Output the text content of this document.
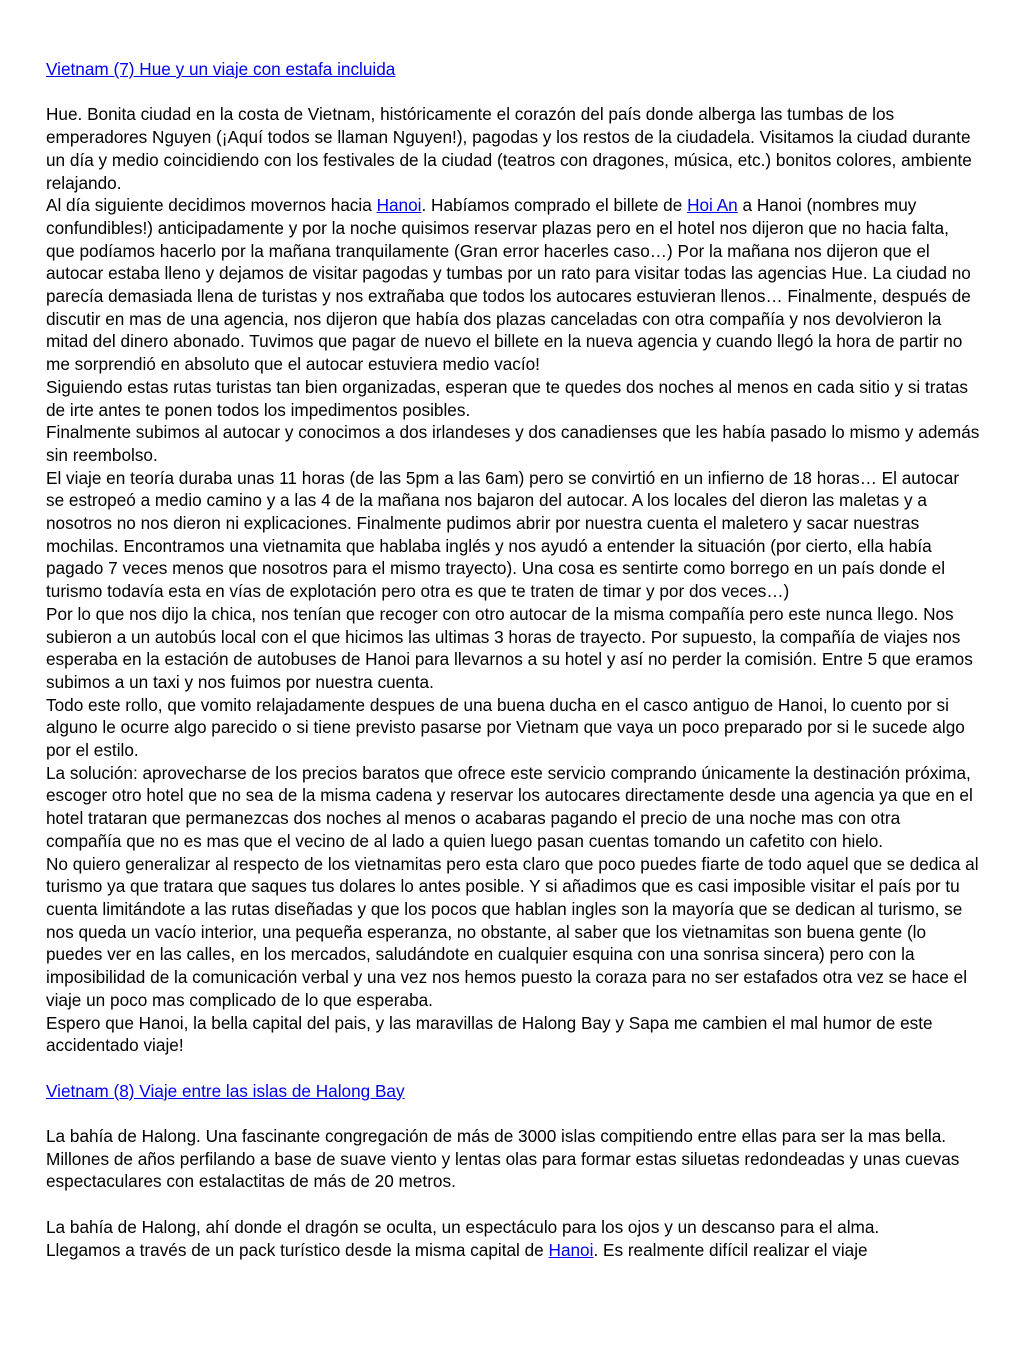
Vietnam (7) Hue y un viaje con estafa incluida

Hue. Bonita ciudad en la costa de Vietnam, históricamente el corazón del país donde alberga las tumbas de los emperadores Nguyen (¡Aquí todos se llaman Nguyen!), pagodas y los restos de la ciudadela. Visitamos la ciudad durante un día y medio coincidiendo con los festivales de la ciudad (teatros con dragones, música, etc.) bonitos colores, ambiente relajando.

Al día siguiente decidimos movernos hacia Hanoi. Habíamos comprado el billete de Hoi An a Hanoi (nombres muy confundibles!) anticipadamente y por la noche quisimos reservar plazas pero en el hotel nos dijeron que no hacia falta, que podíamos hacerlo por la mañana tranquilamente (Gran error hacerles caso…) Por la mañana nos dijeron que el autocar estaba lleno y dejamos de visitar pagodas y tumbas por un rato para visitar todas las agencias Hue. La ciudad no parecía demasiada llena de turistas y nos extrañaba que todos los autocares estuvieran llenos… Finalmente, después de discutir en mas de una agencia, nos dijeron que había dos plazas canceladas con otra compañía y nos devolvieron la mitad del dinero abonado. Tuvimos que pagar de nuevo el billete en la nueva agencia y cuando llegó la hora de partir no me sorprendió en absoluto que el autocar estuviera medio vacío!

Siguiendo estas rutas turistas tan bien organizadas, esperan que te quedes dos noches al menos en cada sitio y si tratas de irte antes te ponen todos los impedimentos posibles.

Finalmente subimos al autocar y conocimos a dos irlandeses y dos canadienses que les había pasado lo mismo y además sin reembolso.

El viaje en teoría duraba unas 11 horas (de las 5pm a las 6am) pero se convirtió en un infierno de 18 horas… El autocar se estropeó a medio camino y a las 4 de la mañana nos bajaron del autocar. A los locales del dieron las maletas y a nosotros no nos dieron ni explicaciones. Finalmente pudimos abrir por nuestra cuenta el maletero y sacar nuestras mochilas. Encontramos una vietnamita que hablaba inglés y nos ayudó a entender la situación (por cierto, ella había pagado 7 veces menos que nosotros para el mismo trayecto). Una cosa es sentirte como borrego en un país donde el turismo todavía esta en vías de explotación pero otra es que te traten de timar y por dos veces…)

Por lo que nos dijo la chica, nos tenían que recoger con otro autocar de la misma compañía pero este nunca llego. Nos subieron a un autobús local con el que hicimos las ultimas 3 horas de trayecto. Por supuesto, la compañía de viajes nos esperaba en la estación de autobuses de Hanoi para llevarnos a su hotel y así no perder la comisión. Entre 5 que eramos subimos a un taxi y nos fuimos por nuestra cuenta.

Todo este rollo, que vomito relajadamente despues de una buena ducha en el casco antiguo de Hanoi, lo cuento por si alguno le ocurre algo parecido o si tiene previsto pasarse por Vietnam que vaya un poco preparado por si le sucede algo por el estilo.

La solución: aprovecharse de los precios baratos que ofrece este servicio comprando únicamente la destinación próxima, escoger otro hotel que no sea de la misma cadena y reservar los autocares directamente desde una agencia ya que en el hotel trataran que permanezcas dos noches al menos o acabaras pagando el precio de una noche mas con otra compañía que no es mas que el vecino de al lado a quien luego pasan cuentas tomando un cafetito con hielo.

No quiero generalizar al respecto de los vietnamitas pero esta claro que poco puedes fiarte de todo aquel que se dedica al turismo ya que tratara que saques tus dolares lo antes posible. Y si añadimos que es casi imposible visitar el país por tu cuenta limitándote a las rutas diseñadas y que los pocos que hablan ingles son la mayoría que se dedican al turismo, se nos queda un vacío interior, una pequeña esperanza, no obstante, al saber que los vietnamitas son buena gente (lo puedes ver en las calles, en los mercados, saludándote en cualquier esquina con una sonrisa sincera) pero con la imposibilidad de la comunicación verbal y una vez nos hemos puesto la coraza para no ser estafados otra vez se hace el viaje un poco mas complicado de lo que esperaba.

Espero que Hanoi, la bella capital del pais, y las maravillas de Halong Bay y Sapa me cambien el mal humor de este accidentado viaje!

Vietnam (8) Viaje entre las islas de Halong Bay

La bahía de Halong. Una fascinante congregación de más de 3000 islas compitiendo entre ellas para ser la mas bella. Millones de años perfilando a base de suave viento y lentas olas para formar estas siluetas redondeadas y unas cuevas espectaculares con estalactitas de más de 20 metros.

La bahía de Halong, ahí donde el dragón se oculta, un espectáculo para los ojos y un descanso para el alma.

Llegamos a través de un pack turístico desde la misma capital de Hanoi. Es realmente difícil realizar el viaje
